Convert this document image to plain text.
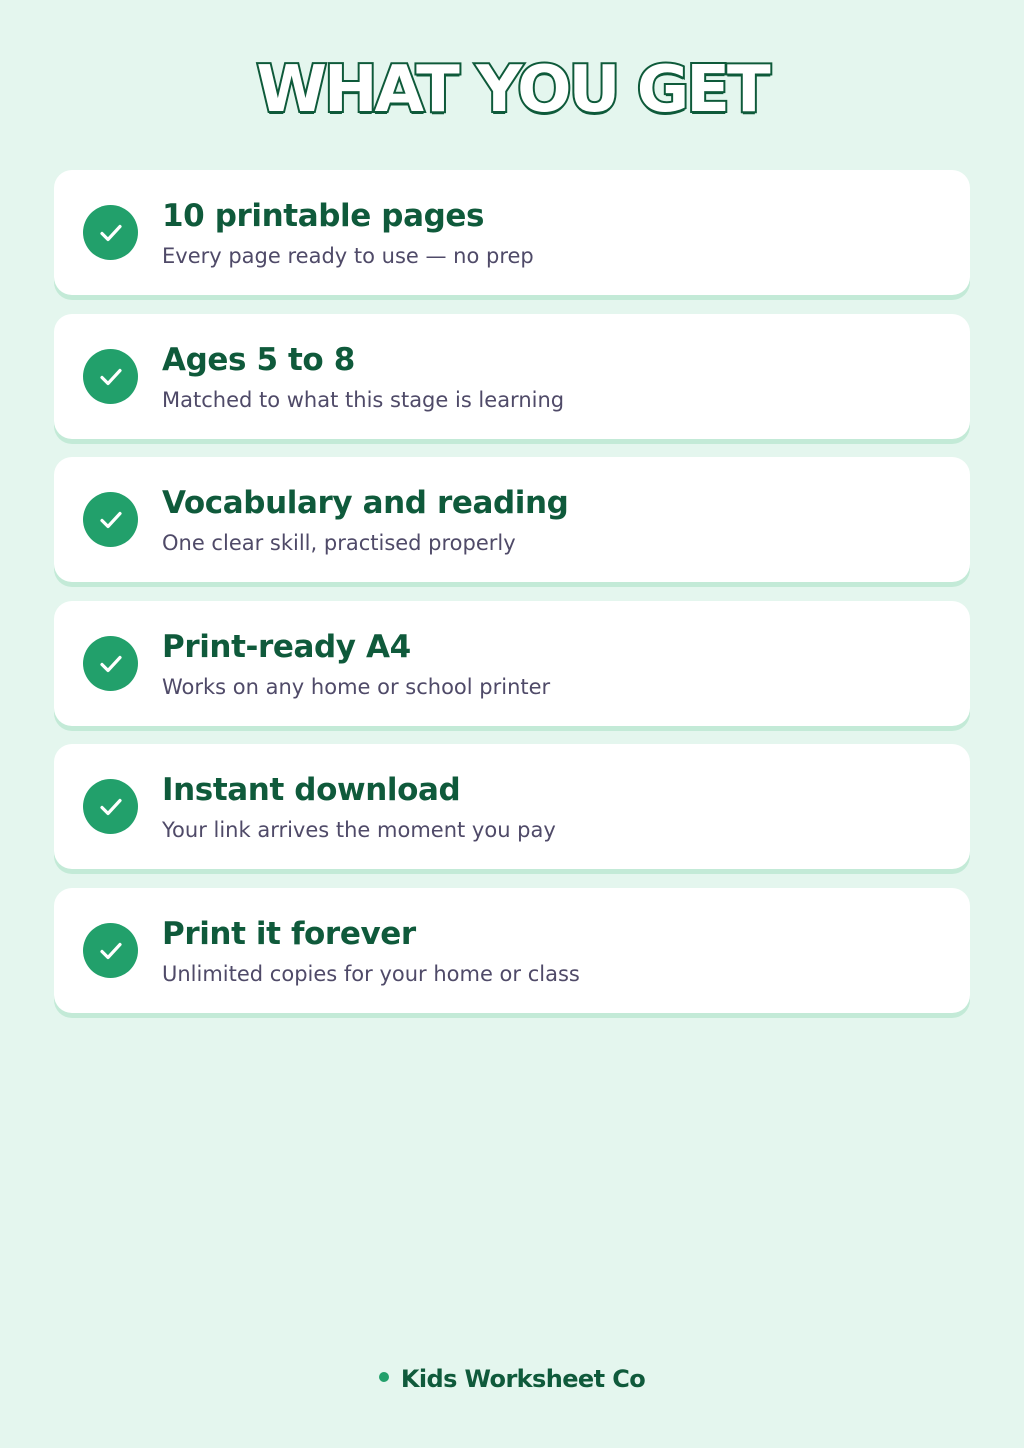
WHAT YOU GET
10 printable pages
Every page ready to use — no prep
Ages 5 to 8
Matched to what this stage is learning
Vocabulary and reading
One clear skill, practised properly
Print-ready A4
Works on any home or school printer
Instant download
Your link arrives the moment you pay
Print it forever
Unlimited copies for your home or class
Kids Worksheet Co
